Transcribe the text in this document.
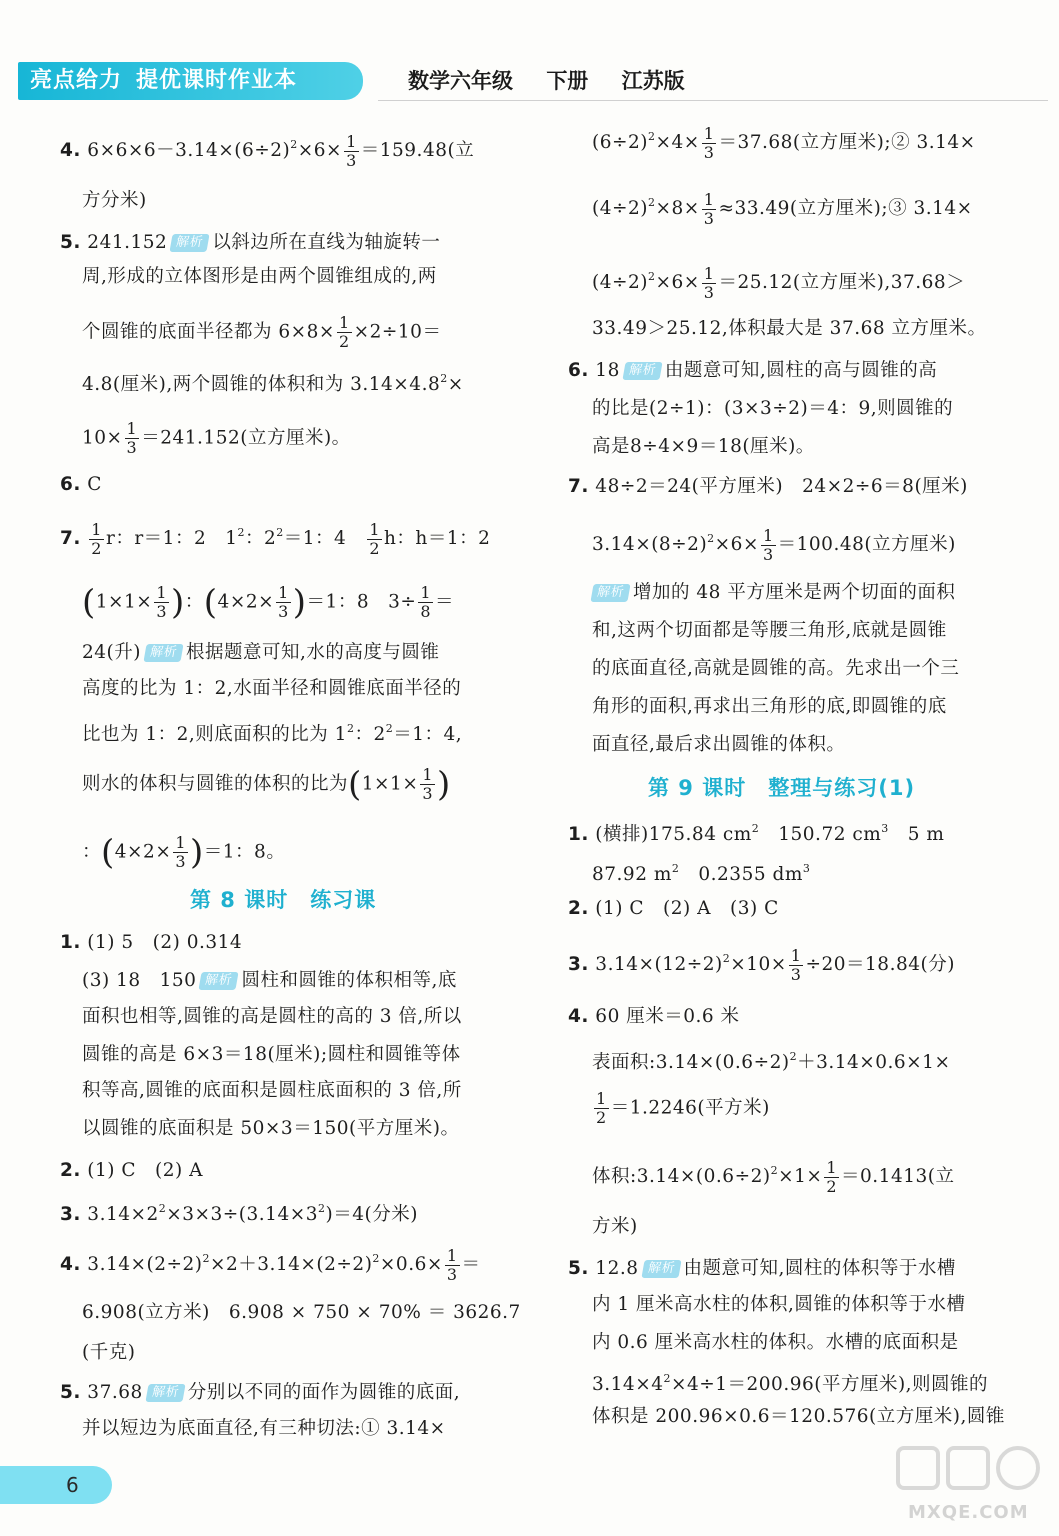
亮点给力 提优课时作业本	数学六年级 下册 江苏版
4. $6\times 6\times 6-3.14\times(6\div 2)^2\times 6\times \frac{1}{3} =159.48$(立
方分米)
5. 241.152 解析 以斜边所在直线为轴旋转一
周,形成的立体图形是由两个圆锥组成的,两
个圆锥的底面半径都为 $6\times 8\times \frac{1}{2} \times 2\div 10=$
4.8(厘米),两个圆锥的体积和为 $3.14\times 4.8^2\times$
$10\times \frac{1}{3} =241.152$(立方厘米)。
6. C
7. $\frac{1}{2}$ r：r＝1：2　$1^2$：$2^2=1$：4　 $\frac{1}{2}$ h：h＝1：2
($1\times 1\times \frac{1}{3}$ )：$(4\times 2\times \frac{1}{3} )=1$：8　$3\div \frac{1}{8}$ ＝
24(升) 解析 根据题意可知,水的高度与圆锥
高度的比为 1：2,水面半径和圆锥底面半径的
比也为 1：2,则底面积的比为 $1^2$：$2^2=1$：4,
则水的体积与圆锥的体积的比为($1\times 1\times \frac{1}{3}$ )
：$(4\times 2\times \frac{1}{3} )=1$：8。
第 8 课时　练习课
1. (1) 5　(2) 0.314
(3) 18　150 解析 圆柱和圆锥的体积相等,底
面积也相等,圆锥的高是圆柱的高的 3 倍,所以
圆锥的高是 6×3＝18(厘米);圆柱和圆锥等体
积等高,圆锥的底面积是圆柱底面积的 3 倍,所
以圆锥的底面积是 50×3＝150(平方厘米)。
2. (1) C　(2) A
3. $3.14\times 2^2\times 3\times 3\div(3.14\times 3^2)=4$(分米)
4. $3.14\times(2\div 2)^2\times 2+3.14\times(2\div 2)^2\times 0.6\times \frac{1}{3}$ ＝
6.908(立方米)　6.908 × 750 × 70% ＝ 3626.7
(千克)
5. 37.68 解析 分别以不同的面作为圆锥的底面,
并以短边为底面直径,有三种切法:① 3.14×
$(6\div 2)^2\times 4\times \frac{1}{3} =37.68$(立方厘米);② 3.14×
$(4\div 2)^2\times 8\times \frac{1}{3} \approx 33.49$(立方厘米);③ 3.14×
$(4\div 2)^2\times 6\times \frac{1}{3} =25.12$(立方厘米),37.68＞
33.49＞25.12,体积最大是 37.68 立方厘米。
6. 18 解析 由题意可知,圆柱的高与圆锥的高
的比是(2÷1)：(3×3÷2)＝4：9,则圆锥的
高是8÷4×9＝18(厘米)。
7. 48÷2＝24(平方厘米)　24×2÷6＝8(厘米)
$3.14\times(8\div 2)^2\times 6\times \frac{1}{3} =100.48$(立方厘米)
解析 增加的 48 平方厘米是两个切面的面积
和,这两个切面都是等腰三角形,底就是圆锥
的底面直径,高就是圆锥的高。先求出一个三
角形的面积,再求出三角形的底,即圆锥的底
面直径,最后求出圆锥的体积。
第 9 课时　整理与练习(1)
1. (横排)175.84 $cm^2$　150.72 $cm^3$　5 m
87.92 $m^2$　0.2355 $dm^3$
2. (1) C　(2) A　(3) C
3. $3.14\times(12\div 2)^2\times 10\times \frac{1}{3} \div 20=18.84$(分)
4. 60 厘米＝0.6 米
表面积$:3.14\times(0.6\div 2)^2+3.14\times 0.6\times 1\times$
$\frac{1}{2} =1.2246$(平方米)
体积$:3.14\times(0.6\div 2)^2\times 1\times \frac{1}{2} =0.1413$(立
方米)
5. 12.8 解析 由题意可知,圆柱的体积等于水槽
内 1 厘米高水柱的体积,圆锥的体积等于水槽
内 0.6 厘米高水柱的体积。水槽的底面积是
$3.14\times 4^2\times 4\div 1=200.96$(平方厘米),则圆锥的
体积是 200.96×0.6＝120.576(立方厘米),圆锥
6
MXQE.COM
